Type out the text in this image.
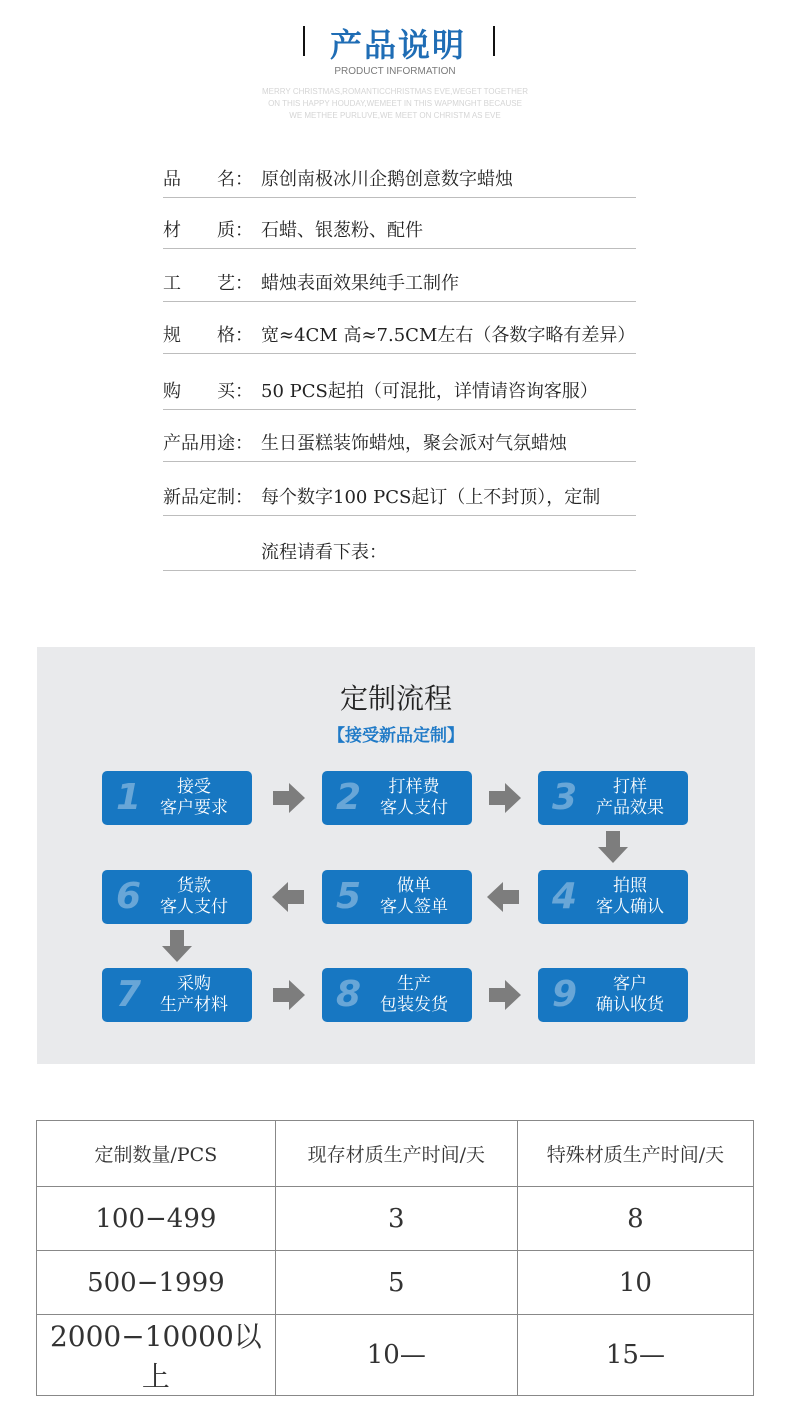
产品说明
PRODUCT INFORMATION
MERRY CHRISTMAS,ROMANTICCHRISTMAS EVE,WEGET TOGETHER
ON THIS HAPPY HOUDAY,WEMEET IN THIS WAPMNGHT BECAUSE
WE METHEE PURLUVE,WE MEET ON CHRISTM AS EVE
品　　名： 原创南极冰川企鹅创意数字蜡烛
材　　质： 石蜡、银葱粉、配件
工　　艺： 蜡烛表面效果纯手工制作
规　　格： 宽≈4CM 高≈7.5CM左右（各数字略有差异）
购　　买： 50 PCS起拍（可混批，详情请咨询客服）
产品用途： 生日蛋糕装饰蜡烛，聚会派对气氛蜡烛
新品定制： 每个数字100 PCS起订（上不封顶），定制
流程请看下表：
定制流程
【接受新品定制】
1	接受
客户要求	2	打样费
客人支付	3	打样
产品效果
6	货款
客人支付	5	做单
客人签单	4	拍照
客人确认
7	采购
生产材料	8	生产
包装发货	9	客户
确认收货
定制数量/PCS	现存材质生产时间/天	特殊材质生产时间/天
100−499	3	8
500−1999	5	10
2000−10000以上	10—	15—
